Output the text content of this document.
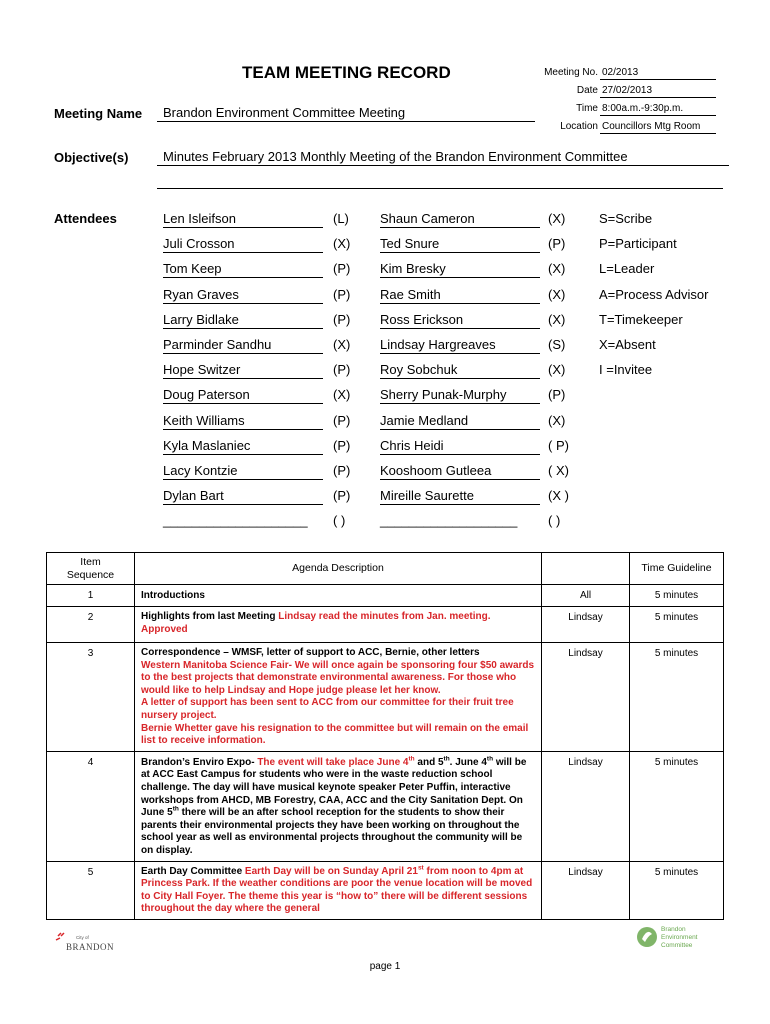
TEAM MEETING RECORD	Meeting No. 02/2013
Date 27/02/2013
Time 8:00a.m.-9:30p.m.
Location Councillors Mtg Room
Meeting Name	Brandon Environment Committee Meeting
Objective(s)	Minutes February 2013 Monthly Meeting of the Brandon Environment Committee
Attendees	Len Isleifson	(L)	Shaun Cameron	(X)
Juli Crosson	(X)	Ted Snure	(P)
Tom Keep	(P)	Kim Bresky	(X)
Ryan Graves	(P)	Rae Smith	(X)
Larry Bidlake	(P)	Ross Erickson	(X)
Parminder Sandhu	(X)	Lindsay Hargreaves	(S)
Hope Switzer	(P)	Roy Sobchuk	(X)
Doug Paterson	(X)	Sherry Punak-Murphy	(P)
Keith Williams	(P)	Jamie Medland	(X)
Kyla Maslaniec	(P)	Chris Heidi	( P)
Lacy Kontzie	(P)	Kooshoom Gutleea	( X)
Dylan Bart	(P)	Mireille Saurette	(X )
____________________	( )	___________________	( )
S=Scribe
P=Participant
L=Leader
A=Process Advisor
T=Timekeeper
X=Absent
I =Invitee
Item
Sequence	Agenda Description		Time Guideline
1	Introductions	All	5 minutes
2	Highlights from last Meeting Lindsay read the minutes from Jan. meeting. Approved	Lindsay	5 minutes
3	Correspondence – WMSF, letter of support to ACC, Bernie, other letters
Western Manitoba Science Fair- We will once again be sponsoring four $50 awards to the best projects that demonstrate environmental awareness. For those who would like to help Lindsay and Hope judge please let her know.
A letter of support has been sent to ACC from our committee for their fruit tree nursery project.
Bernie Whetter gave his resignation to the committee but will remain on the email list to receive information.	Lindsay	5 minutes
4	Brandon’s Enviro Expo- The event will take place June 4th and 5th. June 4th will be at ACC East Campus for students who were in the waste reduction school challenge. The day will have musical keynote speaker Peter Puffin, interactive workshops from AHCD, MB Forestry, CAA, ACC and the City Sanitation Dept. On June 5th there will be an after school reception for the students to show their parents their environmental projects they have been working on throughout the school year as well as environmental projects throughout the community will be on display.	Lindsay	5 minutes
5	Earth Day Committee Earth Day will be on Sunday April 21st from noon to 4pm at Princess Park. If the weather conditions are poor the venue location will be moved to City Hall Foyer. The theme this year is “how to” there will be different sessions throughout the day where the general	Lindsay	5 minutes
City of
BRANDON
Brandon
Environment
Committee
page 1
